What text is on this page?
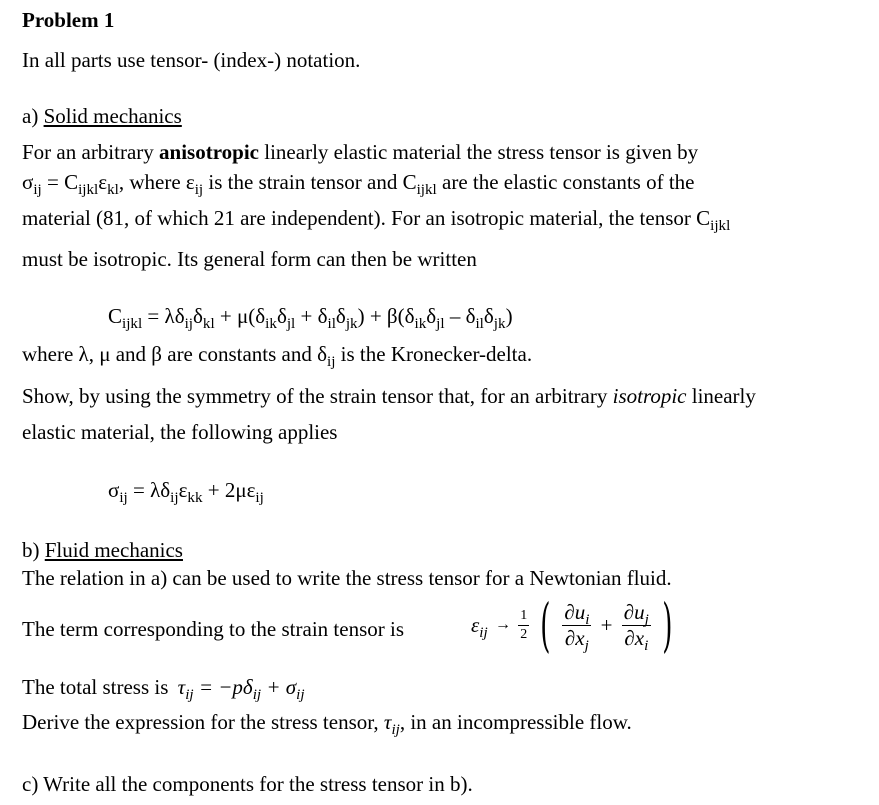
Problem 1
In all parts use tensor- (index-) notation.
a) Solid mechanics
For an arbitrary anisotropic linearly elastic material the stress tensor is given by
$\sigma_{ij} = C_{ijkl}\varepsilon_{kl}$, where $\varepsilon_{ij}$ is the strain tensor and $C_{ijkl}$ are the elastic constants of the
material (81, of which 21 are independent). For an isotropic material, the tensor $C_{ijkl}$
must be isotropic. Its general form can then be written
$C_{ijkl} = \lambda\delta_{ij}\delta_{kl} + \mu(\delta_{ik}\delta_{jl} + \delta_{il}\delta_{jk}) + \beta(\delta_{ik}\delta_{jl} - \delta_{il}\delta_{jk})$
where λ, μ and β are constants and $\delta_{ij}$ is the Kronecker-delta.
Show, by using the symmetry of the strain tensor that, for an arbitrary isotropic linearly
elastic material, the following applies
$\sigma_{ij} = \lambda\delta_{ij}\varepsilon_{kk} + 2\mu\varepsilon_{ij}$
b) Fluid mechanics
The relation in a) can be used to write the stress tensor for a Newtonian fluid.
The term corresponding to the strain tensor is	$\varepsilon_{ij} \to \frac{1}{2}$ ( $\frac{\partial u_i}{\partial x_j} + \frac{\partial u_j}{\partial x_i}$ )
The total stress is
$\tau_{ij} = -p\delta_{ij} + \sigma_{ij}$
Derive the expression for the stress tensor, $\tau_{ij}$, in an incompressible flow.
c) Write all the components for the stress tensor in b).
